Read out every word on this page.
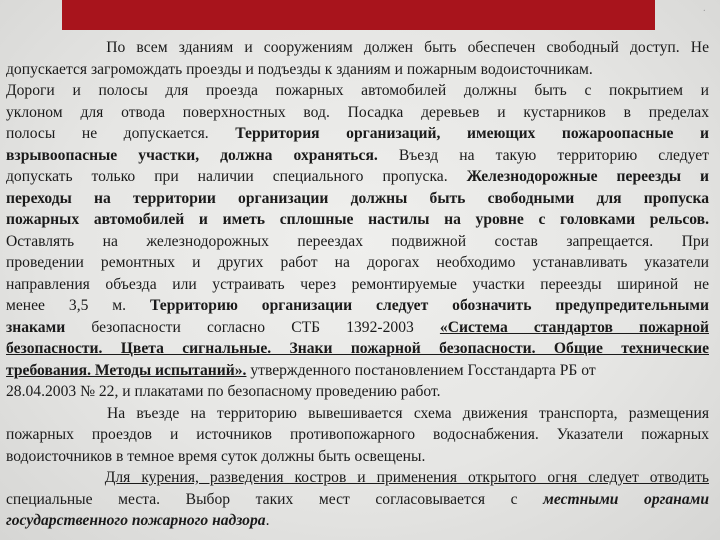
·
По всем зданиям и сооружениям должен быть обеспечен свободный доступ. Не
допускается загромождать проезды и подъезды к зданиям и пожарным водоисточникам.
Дороги и полосы для проезда пожарных автомобилей должны быть с покрытием и
уклоном для отвода поверхностных вод. Посадка деревьев и кустарников в пределах
полосы не допускается. Территория организаций, имеющих пожароопасные и
взрывоопасные участки, должна охраняться. Въезд на такую территорию следует
допускать только при наличии специального пропуска. Железнодорожные переезды и
переходы на территории организации должны быть свободными для пропуска
пожарных автомобилей и иметь сплошные настилы на уровне с головками рельсов.
Оставлять на железнодорожных переездах подвижной состав запрещается. При
проведении ремонтных и других работ на дорогах необходимо устанавливать указатели
направления объезда или устраивать через ремонтируемые участки переезды шириной не
менее 3,5 м. Территорию организации следует обозначить предупредительными
знаками безопасности согласно СТБ 1392-2003 «Система стандартов пожарной
безопасности. Цвета сигнальные. Знаки пожарной безопасности. Общие технические
требования. Методы испытаний». утвержденного постановлением Госстандарта РБ от
28.04.2003 № 22, и плакатами по безопасному проведению работ.
На въезде на территорию вывешивается схема движения транспорта, размещения
пожарных проездов и источников противопожарного водоснабжения. Указатели пожарных
водоисточников в темное время суток должны быть освещены.
Для курения, разведения костров и применения открытого огня следует отводить
специальные места. Выбор таких мест согласовывается с местными органами
государственного пожарного надзора.
